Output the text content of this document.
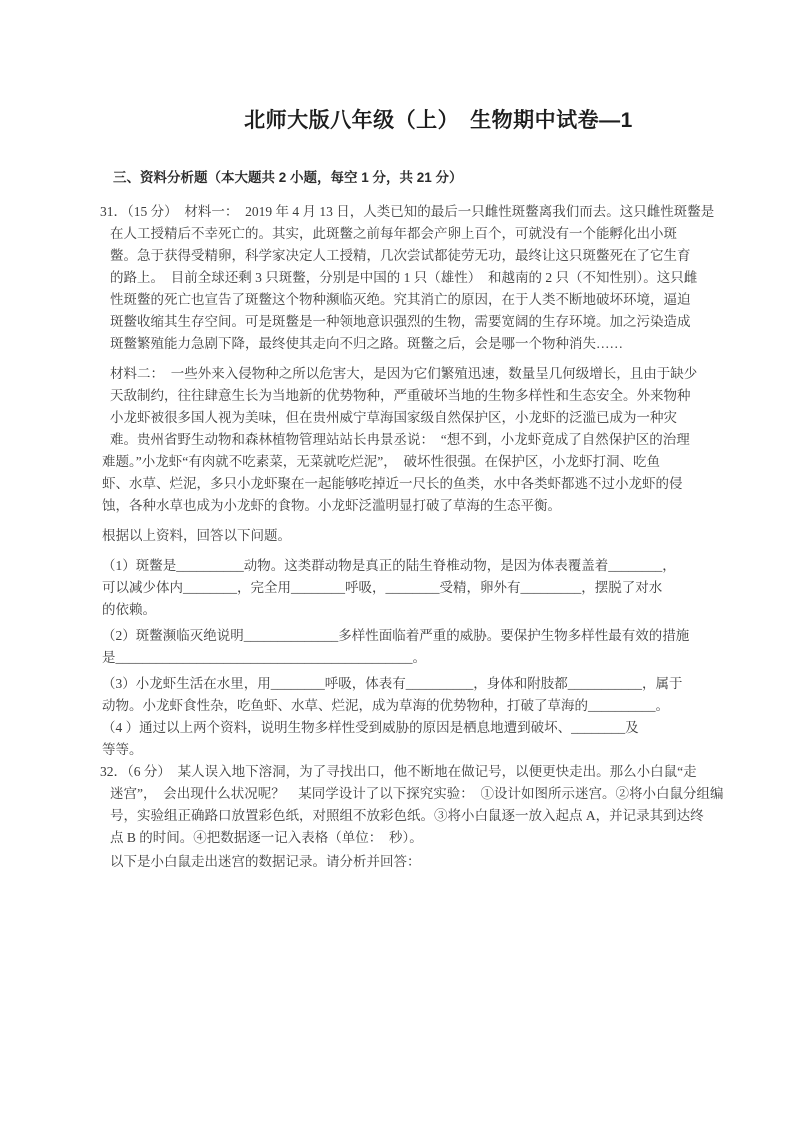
北师大版八年级（上）　生物期中试卷—1
三、资料分析题（本大题共 2 小题，每空 1 分，共 21 分）
31．（15 分）　材料一：　2019 年 4 月 13 日，人类已知的最后一只雌性斑鳖离我们而去。这只雌性斑鳖是
在人工授精后不幸死亡的。其实，此斑鳖之前每年都会产卵上百个，可就没有一个能孵化出小斑
鳖。急于获得受精卵，科学家决定人工授精，几次尝试都徒劳无功，最终让这只斑鳖死在了它生育
的路上。　目前全球还剩 3 只斑鳖，分别是中国的 1 只（雄性）　和越南的 2 只（不知性别）。这只雌
性斑鳖的死亡也宣告了斑鳖这个物种濒临灭绝。究其消亡的原因，在于人类不断地破坏环境，逼迫
斑鳖收缩其生存空间。可是斑鳖是一种领地意识强烈的生物，需要宽阔的生存环境。加之污染造成
斑鳖繁殖能力急剧下降，最终使其走向不归之路。斑鳖之后，会是哪一个物种消失……
材料二：　一些外来入侵物种之所以危害大，是因为它们繁殖迅速，数量呈几何级增长，且由于缺少
天敌制约，往往肆意生长为当地新的优势物种，严重破坏当地的生物多样性和生态安全。外来物种
小龙虾被很多国人视为美味，但在贵州威宁草海国家级自然保护区，小龙虾的泛滥已成为一种灾
难。贵州省野生动物和森林植物管理站站长冉景丞说：　“想不到，小龙虾竟成了自然保护区的治理
难题。”小龙虾“有肉就不吃素菜，无菜就吃烂泥”，　破坏性很强。在保护区，小龙虾打洞、吃鱼
虾、水草、烂泥，多只小龙虾聚在一起能够吃掉近一尺长的鱼类，水中各类虾都逃不过小龙虾的侵
蚀，各种水草也成为小龙虾的食物。小龙虾泛滥明显打破了草海的生态平衡。
根据以上资料，回答以下问题。
（1）斑鳖是__________动物。这类群动物是真正的陆生脊椎动物，是因为体表覆盖着________，
可以减少体内________，完全用________呼吸，________受精，卵外有_________，摆脱了对水
的依赖。
（2）斑鳖濒临灭绝说明______________多样性面临着严重的威胁。要保护生物多样性最有效的措施
是____________________________________________。
（3）小龙虾生活在水里，用________呼吸，体表有__________，身体和附肢都___________，属于
动物。小龙虾食性杂，吃鱼虾、水草、烂泥，成为草海的优势物种，打破了草海的__________。
（4 ）通过以上两个资料，说明生物多样性受到威胁的原因是栖息地遭到破坏、________及
等等。
32．（6 分）　某人误入地下溶洞，为了寻找出口，他不断地在做记号，以便更快走出。那么小白鼠“走
迷宫”，　会出现什么状况呢？　某同学设计了以下探究实验：　①设计如图所示迷宫。②将小白鼠分组编
号，实验组正确路口放置彩色纸，对照组不放彩色纸。③将小白鼠逐一放入起点 A，并记录其到达终
点 B 的时间。④把数据逐一记入表格（单位：　秒）。
以下是小白鼠走出迷宫的数据记录。请分析并回答：
